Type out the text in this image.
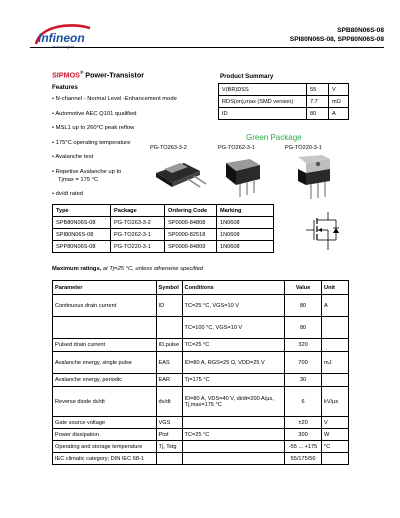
Infineon
SPB80N06S-08
SPI80N06S-08, SPP80N06S-08
SIPMOS® Power-Transistor
Features
• N-channel - Normal Level -Enhancement mode
• Automotive AEC Q101 qualified
• MSL1 up to 260°C peak reflow
• 175°C operating temperature
• Avalanche test
• Repetive Avalanche up to
Tjmax = 175 °C
• dv/dt rated
Product Summary
V(BR)DSS	55	V
RDS(on),max (SMD version)	7.7	mΩ
ID	80	A
Green Package
PG-TO263-3-2	PG-TO262-3-1	PG-TO220-3-1
Type	Package	Ordering Code	Marking
SPB80N06S-08	PG-TO263-3-2	SP0000-84808	1N0608
SPI80N06S-08	PG-TO262-3-1	SP0000-82518	1N0608
SPP80N06S-08	PG-TO220-3-1	SP0000-84809	1N0608
Maximum ratings, at Tj=25 °C, unless otherwise specified
Parameter	Symbol	Conditions	Value	Unit
Continuous drain current	ID	TC=25 °C, VGS=10 V	80	A
		TC=100 °C, VGS=10 V	80	
Pulsed drain current	ID,pulse	TC=25 °C	320	
Avalanche energy, single pulse	EAS	ID=80 A, RGS=25 Ω, VDD=25 V	700	mJ
Avalanche energy, periodic	EAR	Tj=175 °C	30	
Reverse diode dv/dt	dv/dt	ID=80 A, VDS=40 V, di/dt=200 A/µs, Tj,max=175 °C	6	kV/µs
Gate source voltage	VGS		±20	V
Power dissipation	Ptot	TC=25 °C	300	W
Operating and storage temperature	Tj, Tstg		-55 ... +175	°C
IEC climatic category; DIN IEC 68-1			55/175/56	
